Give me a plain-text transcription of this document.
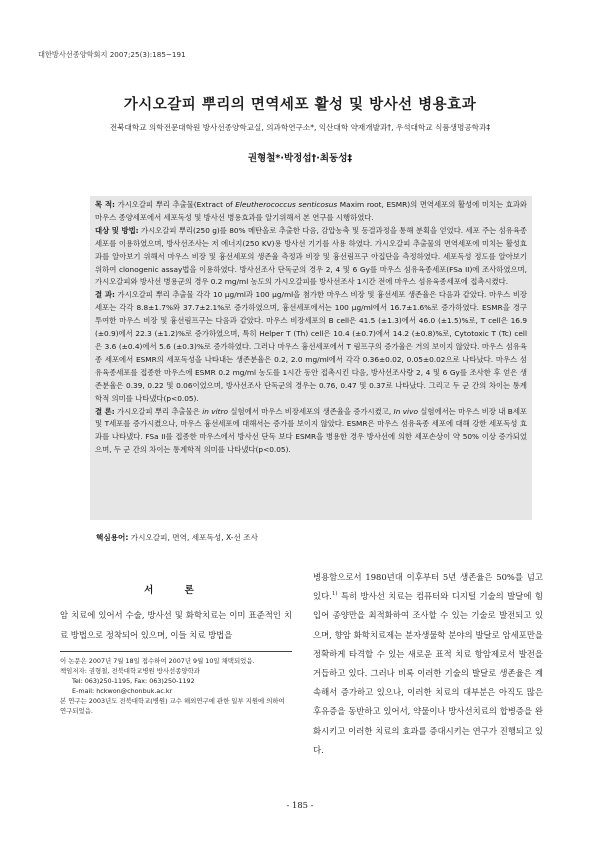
대한방사선종양학회지 2007;25(3):185~191
가시오갈피 뿌리의 면역세포 활성 및 방사선 병용효과
전북대학교 의학전문대학원 방사선종양학교실, 의과학연구소*, 익산대학 약재개발과†, 우석대학교 식품생명공학과‡
권형철*·박정섭†·최동성‡

목 적: 가시오갈피 뿌리 추출물(Extract of Eleutherococcus senticosus Maxim root, ESMR)의 면역세포의 활성에 미치는 효과와 마우스 종양세포에서 세포독성 및 방사선 병용효과를 알기위해서 본 연구를 시행하였다.

대상 및 방법: 가시오갈피 뿌리(250 g)를 80% 메탄올로 추출한 다음, 감압농축 및 동결과정을 통해 분획을 얻었다. 세포 주는 섬유육종세포를 이용하였으며, 방사선조사는 저 에너지(250 KV)용 방사선 기기를 사용 하였다. 가시오갈피 추출물의 면역세포에 미치는 활성효과를 알아보기 위해서 마우스 비장 및 흉선세포의 생존율 측정과 비장 및 흉선림프구 아집단을 측정하였다. 세포독성 정도를 알아보기 위하여 clonogenic assay법을 이용하였다. 방사선조사 단독군의 경우 2, 4 및 6 Gy를 마우스 섬유육종세포(FSa II)에 조사하였으며, 가시오갈피와 방사선 병용군의 경우 0.2 mg/ml 농도의 가시오갈피를 방사선조사 1시간 전에 마우스 섬유육종세포에 접촉시켰다.

결 과: 가시오갈피 뿌리 추출물 각각 10 μg/ml과 100 μg/ml을 첨가한 마우스 비장 및 흉선세포 생존율은 다음과 같았다. 마우스 비장세포는 각각 8.8±1.7%와 37.7±2.1%로 증가하였으며, 흉선세포에서는 100 μg/ml에서 16.7±1.6%로 증가하였다. ESMR을 경구 투여한 마우스 비장 및 흉선림프구는 다음과 같았다. 마우스 비장세포의 B cell은 41.5 (±1.3)에서 46.0 (±1.5)%로, T cell은 16.9 (±0.9)에서 22.3 (±1.2)%로 증가하였으며, 특히 Helper T (Th) cell은 10.4 (±0.7)에서 14.2 (±0.8)%로, Cytotoxic T (Tc) cell은 3.6 (±0.4)에서 5.6 (±0.3)%로 증가하였다. 그러나 마우스 흉선세포에서 T 림프구의 증가율은 거의 보이지 않았다. 마우스 섬유육종 세포에서 ESMR의 세포독성을 나타내는 생존분율은 0.2, 2.0 mg/ml에서 각각 0.36±0.02, 0.05±0.02으로 나타났다. 마우스 섬유육종세포를 접종한 마우스에 ESMR 0.2 mg/ml 농도를 1시간 동안 접촉시킨 다음, 방사선조사량 2, 4 및 6 Gy를 조사한 후 얻은 생존분율은 0.39, 0.22 및 0.06이었으며, 방사선조사 단독군의 경우는 0.76, 0.47 및 0.37로 나타났다. 그리고 두 군 간의 차이는 통계학적 의미를 나타냈다(p<0.05).

결 론: 가시오갈피 뿌리 추출물은 in vitro 실험에서 마우스 비장세포의 생존율을 증가시켰고, In vivo 실험에서는 마우스 비장 내 B세포 및 T세포를 증가시켰으나, 마우스 흉선세포에 대해서는 증가를 보이지 않았다. ESMR은 마우스 섬유육종 세포에 대해 강한 세포독성 효과를 나타냈다. FSa II를 접종한 마우스에서 방사선 단독 보다 ESMR을 병용한 경우 방사선에 의한 세포손상이 약 50% 이상 증가되었으며, 두 군 간의 차이는 통계학적 의미를 나타냈다(p<0.05).

핵심용어: 가시오갈피, 면역, 세포독성, X-선 조사
서 론

암 치료에 있어서 수술, 방사선 및 화학치료는 이미 표준적인 치료 방법으로 정착되어 있으며, 이들 치료 방법을

이 논문은 2007년 7월 18일 접수하여 2007년 9월 10일 채택되었음.
책임저자: 권형철, 전북대학교병원 방사선종양학과
Tel: 063)250-1195, Fax: 063)250-1192
E-mail: hckwon@chonbuk.ac.kr
본 연구는 2003년도 전북대학교(병원) 교수 해외연구에 관한 일부 지원에 의하여 연구되었음.

병용함으로서 1980년대 이후부터 5년 생존율은 50%를 넘고 있다.$^{1)}$ 특히 방사선 치료는 컴퓨터와 디지털 기술의 발달에 힘입어 종양만을 최적화하여 조사할 수 있는 기술로 발전되고 있으며, 향암 화학치료제는 분자생물학 분야의 발달로 암세포만을 정확하게 타격할 수 있는 새로운 표적 치료 항암제로서 발전을 거듭하고 있다. 그러나 비록 이러한 기술의 발달로 생존율은 계속해서 증가하고 있으나, 이러한 치료의 대부분은 아직도 많은 후유증을 동반하고 있어서, 약물이나 방사선치료의 합병증을 완화시키고 이러한 치료의 효과를 증대시키는 연구가 진행되고 있다.

- 185 -
